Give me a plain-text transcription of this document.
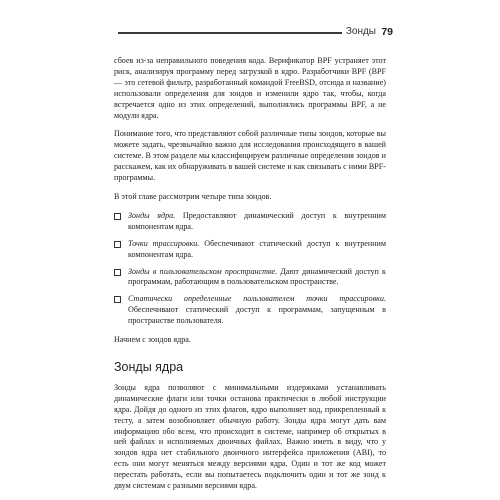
Зонды 79

сбоев из-за неправильного поведения кода. Верификатор BPF устраняет этот риск, анализируя программу перед загрузкой в ядро. Разработчики BPF (BPF — это сетевой фильтр, разработанный командой FreeBSD, отсюда и название) использовали определения для зондов и изменили ядро так, чтобы, когда встречается одно из этих определений, выполнялись программы BPF, а не модули ядра.

Понимание того, что представляют собой различные типы зондов, которые вы можете задать, чрезвычайно важно для исследования происходящего в вашей системе. В этом разделе мы классифицируем различные определения зондов и расскажем, как их обнаруживать в вашей системе и как связывать с ними BPF-программы.

В этой главе рассмотрим четыре типа зондов.

Зонды ядра. Предоставляют динамический доступ к внутренним компонентам ядра.
Точки трассировки. Обеспечивают статический доступ к внутренним компонентам ядра.
Зонды в пользовательском пространстве. Дают динамический доступ к программам, работающим в пользовательском пространстве.
Статически определенные пользователем точки трассировки. Обеспечивают статический доступ к программам, запущенным в пространстве пользователя.

Начнем с зондов ядра.

Зонды ядра

Зонды ядра позволяют с минимальными издержками устанавливать динамические флаги или точки останова практически в любой инструкции ядра. Дойдя до одного из этих флагов, ядро выполняет код, прикрепленный к тесту, а затем возобновляет обычную работу. Зонды ядра могут дать вам информацию обо всем, что происходит в системе, например об открытых в ней файлах и исполняемых двоичных файлах. Важно иметь в виду, что у зондов ядра нет стабильного двоичного интерфейса приложения (ABI), то есть они могут меняться между версиями ядра. Один и тот же код может перестать работать, если вы попытаетесь подключить один и тот же зонд к двум системам с разными версиями ядра.
